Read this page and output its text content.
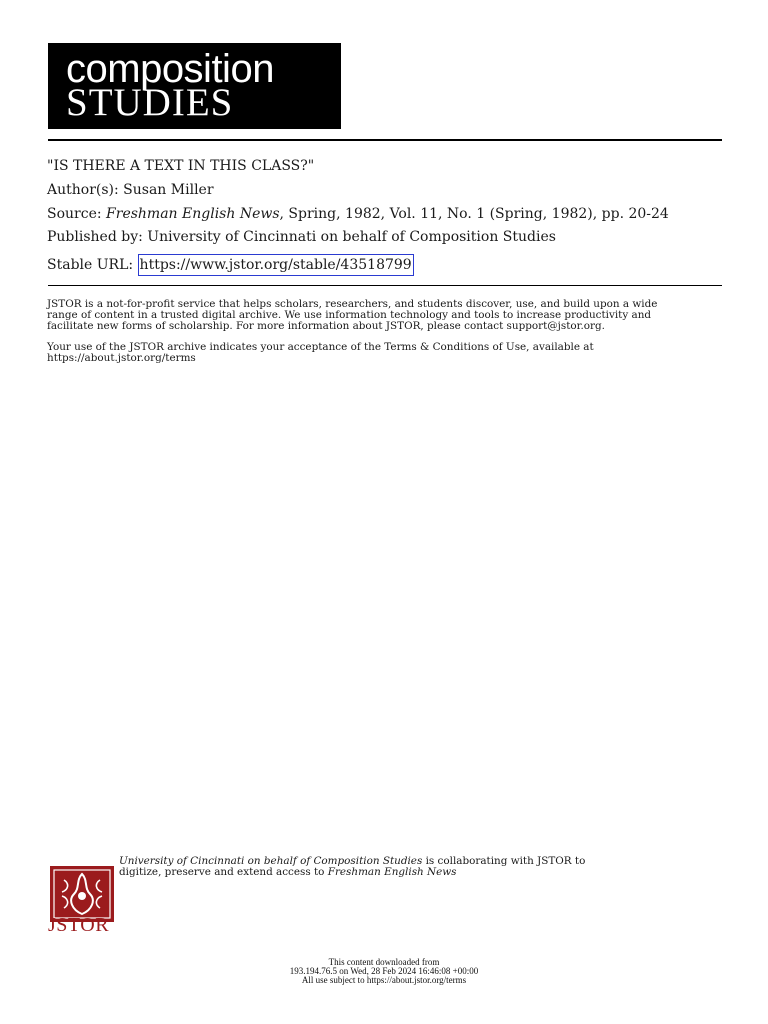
composition
STUDIES
"IS THERE A TEXT IN THIS CLASS?"
Author(s): Susan Miller
Source: Freshman English News, Spring, 1982, Vol. 11, No. 1 (Spring, 1982), pp. 20-24
Published by: University of Cincinnati on behalf of Composition Studies
Stable URL: https://www.jstor.org/stable/43518799
JSTOR is a not-for-profit service that helps scholars, researchers, and students discover, use, and build upon a wide
range of content in a trusted digital archive. We use information technology and tools to increase productivity and
facilitate new forms of scholarship. For more information about JSTOR, please contact support@jstor.org.
Your use of the JSTOR archive indicates your acceptance of the Terms & Conditions of Use, available at
https://about.jstor.org/terms
JSTOR
University of Cincinnati on behalf of Composition Studies is collaborating with JSTOR to
digitize, preserve and extend access to Freshman English News
This content downloaded from
193.194.76.5 on Wed, 28 Feb 2024 16:46:08 +00:00
All use subject to https://about.jstor.org/terms
